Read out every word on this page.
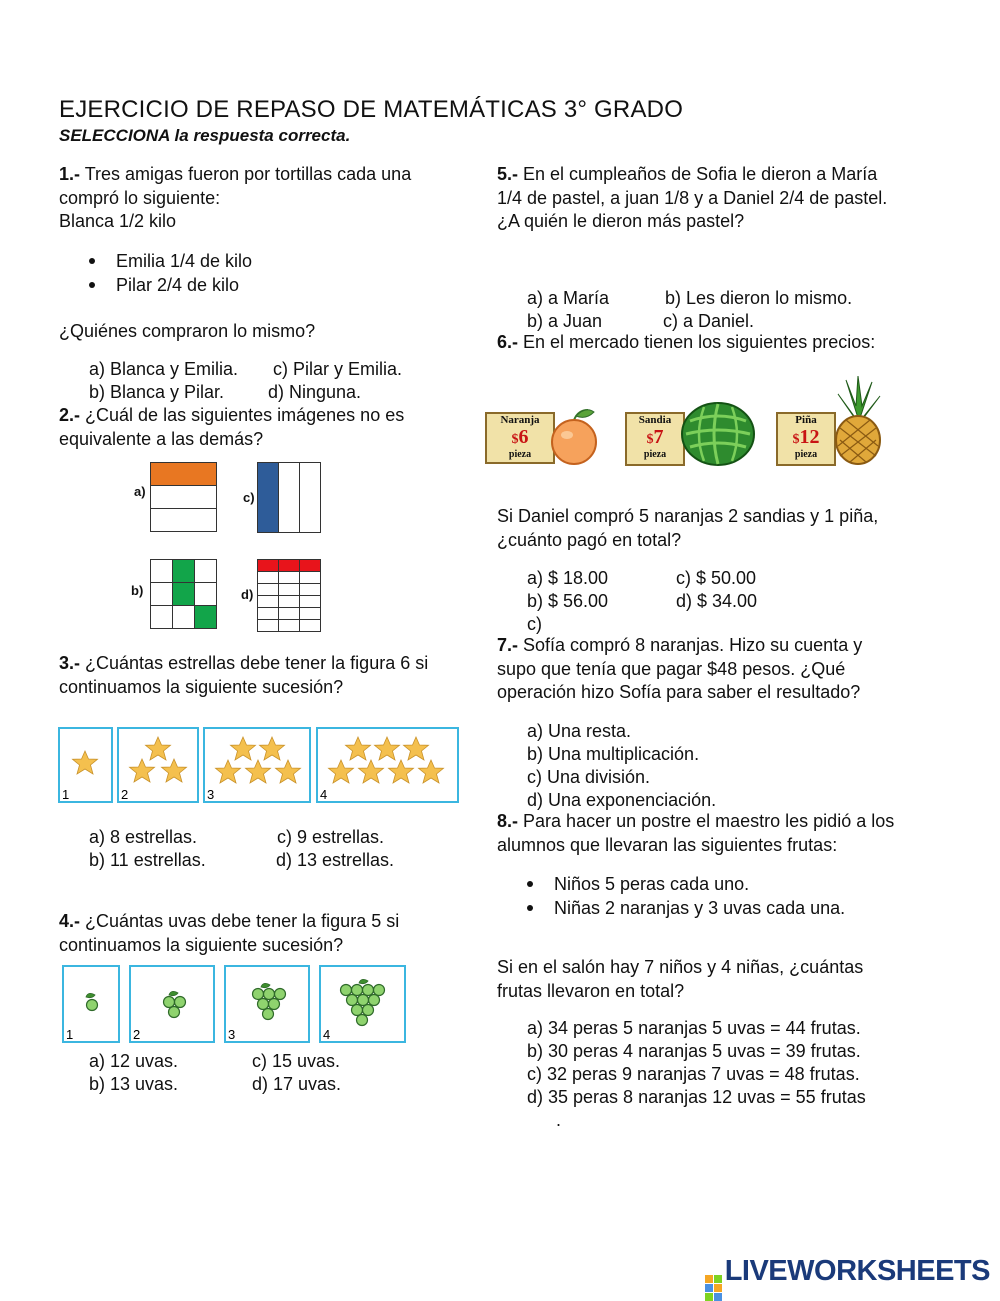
EJERCICIO DE REPASO DE MATEMÁTICAS 3° GRADO
SELECCIONA la respuesta correcta.
1.- Tres amigas fueron por tortillas cada una compró lo siguiente:
Blanca 1/2 kilo
Emilia 1/4 de kilo
Pilar 2/4 de kilo
¿Quiénes compraron lo mismo?
a) Blanca y Emilia. c) Pilar y Emilia.
b) Blanca y Pilar. d) Ninguna.
2.- ¿Cuál de las siguientes imágenes no es equivalente a las demás?
a)	c)

b)

			d)

3.- ¿Cuántas estrellas debe tener la figura 6 si continuamos la siguiente sucesión?
1	2	3	4
a) 8 estrellas.	c) 9 estrellas.
b) 11 estrellas.	d) 13 estrellas.
4.- ¿Cuántas uvas debe tener la figura 5 si continuamos la siguiente sucesión?
1	2	3	4
a) 12 uvas.	c) 15 uvas.
b) 13 uvas.	d) 17 uvas.
5.- En el cumpleaños de Sofia le dieron a María 1/4 de pastel, a juan 1/8 y a Daniel 2/4 de pastel. ¿A quién le dieron más pastel?
a) a María	b) Les dieron lo mismo.
b) a Juan	c) a Daniel.
6.- En el mercado tienen los siguientes precios:
Naranja
$6
pieza
Sandia
$7
pieza
Piña
$12
pieza
Si Daniel compró 5 naranjas 2 sandias y 1 piña, ¿cuánto pagó en total?
a) $ 18.00	c) $ 50.00
b) $ 56.00	d) $ 34.00
c)
7.- Sofía compró 8 naranjas. Hizo su cuenta y supo que tenía que pagar $48 pesos. ¿Qué operación hizo Sofía para saber el resultado?
a) Una resta.
b) Una multiplicación.
c) Una división.
d) Una exponenciación.
8.- Para hacer un postre el maestro les pidió a los alumnos que llevaran las siguientes frutas:
Niños 5 peras cada uno.
Niñas 2 naranjas y 3 uvas cada una.
Si en el salón hay 7 niños y 4 niñas, ¿cuántas frutas llevaron en total?
a) 34 peras 5 naranjas 5 uvas = 44 frutas.
b) 30 peras 4 naranjas 5 uvas = 39 frutas.
c) 32 peras 9 naranjas 7 uvas = 48 frutas.
d) 35 peras 8 naranjas 12 uvas = 55 frutas
.
LIVEWORKSHEETS
